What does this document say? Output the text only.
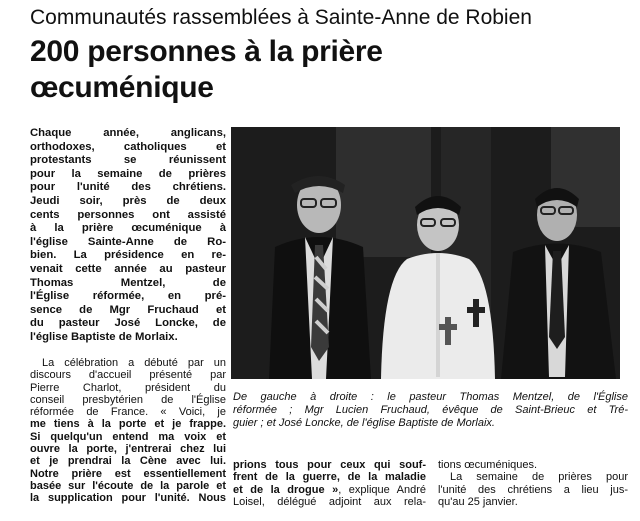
Communautés rassemblées à Sainte-Anne de Robien
200 personnes à la prière
œcuménique
Chaque année, anglicans,
orthodoxes, catholiques et
protestants se réunissent
pour la semaine de prières
pour l'unité des chrétiens.
Jeudi soir, près de deux
cents personnes ont assisté
à la prière œcuménique à
l'église Sainte-Anne de Ro-
bien. La présidence en re-
venait cette année au pasteur
Thomas Mentzel, de
l'Église réformée, en pré-
sence de Mgr Fruchaud et
du pasteur José Loncke, de
l'église Baptiste de Morlaix.
La célébration a débuté par un
discours d'accueil présenté par
Pierre Charlot, président du
conseil presbytérien de l'Église
réformée de France. « Voici, je
me tiens à la porte et je frappe.
Si quelqu'un entend ma voix et
ouvre la porte, j'entrerai chez lui
et je prendrai la Cène avec lui.
Notre prière est essentiellement
basée sur l'écoute de la parole et
la supplication pour l'unité. Nous
De gauche à droite : le pasteur Thomas Mentzel, de l'Église
réformée ; Mgr Lucien Fruchaud, évêque de Saint-Brieuc et Tré-
guier ; et José Loncke, de l'église Baptiste de Morlaix.
prions tous pour ceux qui souf-
frent de la guerre, de la maladie
et de la drogue », explique André
Loisel, délégué adjoint aux rela-
tions œcuméniques.
La semaine de prières pour
l'unité des chrétiens a lieu jus-
qu'au 25 janvier.
